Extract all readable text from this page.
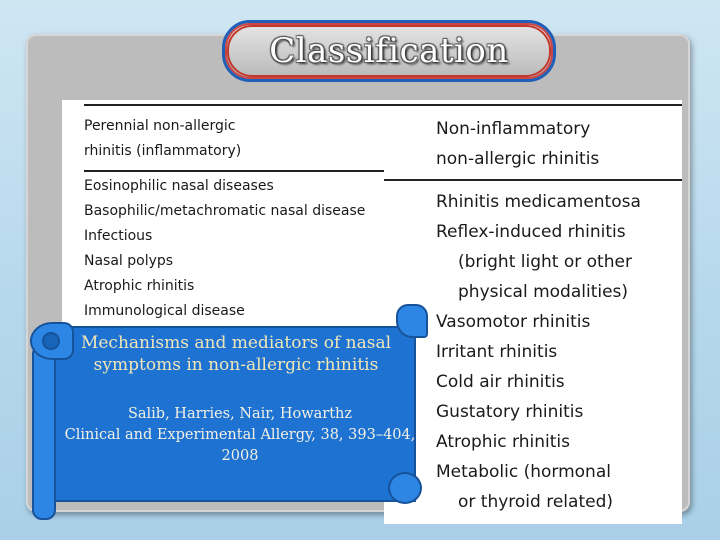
Classification
Perennial non-allergic
rhinitis (inflammatory)
Eosinophilic nasal diseases
Basophilic/metachromatic nasal disease
Infectious
Nasal polyps
Atrophic rhinitis
Immunological disease
Non-inflammatory
non-allergic rhinitis
Rhinitis medicamentosa
Reflex-induced rhinitis
(bright light or other
physical modalities)
Vasomotor rhinitis
Irritant rhinitis
Cold air rhinitis
Gustatory rhinitis
Atrophic rhinitis
Metabolic (hormonal
or thyroid related)

Mechanisms and mediators of nasal symptoms in non-allergic rhinitis

Salib, Harries, Nair, Howarthz
Clinical and Experimental Allergy, 38, 393–404, 2008
